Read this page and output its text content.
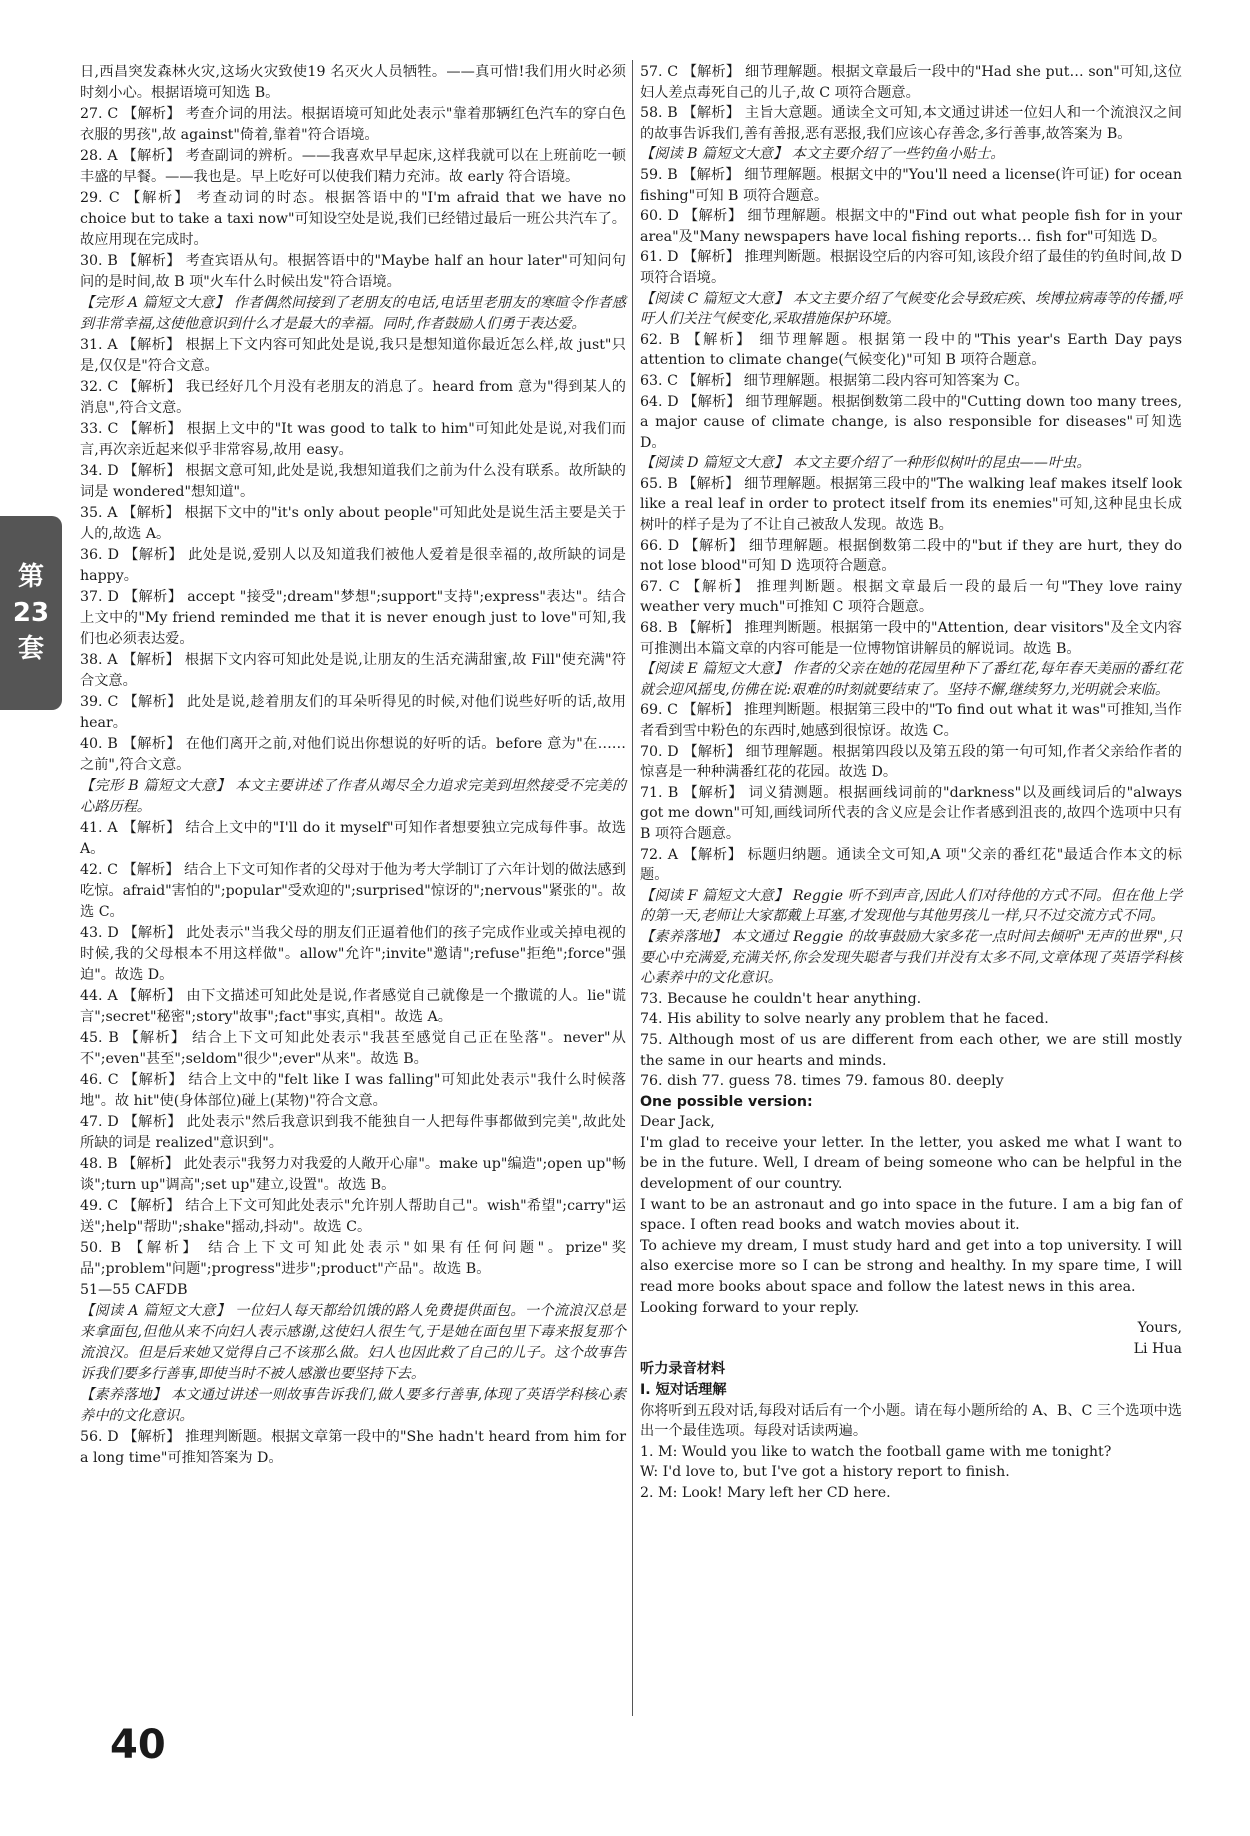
日,西昌突发森林火灾,这场火灾致使19 名灭火人员牺牲。——真可惜!我们用火时必须时刻小心。根据语境可知选 B。

27. C 【解析】 考查介词的用法。根据语境可知此处表示"靠着那辆红色汽车的穿白色衣服的男孩",故 against"倚着,靠着"符合语境。

28. A 【解析】 考查副词的辨析。——我喜欢早早起床,这样我就可以在上班前吃一顿丰盛的早餐。——我也是。早上吃好可以使我们精力充沛。故 early 符合语境。

29. C 【解析】 考查动词的时态。根据答语中的"I'm afraid that we have no choice but to take a taxi now"可知设空处是说,我们已经错过最后一班公共汽车了。故应用现在完成时。

30. B 【解析】 考查宾语从句。根据答语中的"Maybe half an hour later"可知问句问的是时间,故 B 项"火车什么时候出发"符合语境。

【完形 A 篇短文大意】 作者偶然间接到了老朋友的电话,电话里老朋友的寒暄令作者感到非常幸福,这使他意识到什么才是最大的幸福。同时,作者鼓励人们勇于表达爱。

31. A 【解析】 根据上下文内容可知此处是说,我只是想知道你最近怎么样,故 just"只是,仅仅是"符合文意。

32. C 【解析】 我已经好几个月没有老朋友的消息了。heard from 意为"得到某人的消息",符合文意。

33. C 【解析】 根据上文中的"It was good to talk to him"可知此处是说,对我们而言,再次亲近起来似乎非常容易,故用 easy。

34. D 【解析】 根据文意可知,此处是说,我想知道我们之前为什么没有联系。故所缺的词是 wondered"想知道"。

35. A 【解析】 根据下文中的"it's only about people"可知此处是说生活主要是关于人的,故选 A。

36. D 【解析】 此处是说,爱别人以及知道我们被他人爱着是很幸福的,故所缺的词是 happy。

37. D 【解析】 accept "接受";dream"梦想";support"支持";express"表达"。结合上文中的"My friend reminded me that it is never enough just to love"可知,我们也必须表达爱。

38. A 【解析】 根据下文内容可知此处是说,让朋友的生活充满甜蜜,故 Fill"使充满"符合文意。

39. C 【解析】 此处是说,趁着朋友们的耳朵听得见的时候,对他们说些好听的话,故用 hear。

40. B 【解析】 在他们离开之前,对他们说出你想说的好听的话。before 意为"在……之前",符合文意。

【完形 B 篇短文大意】 本文主要讲述了作者从竭尽全力追求完美到坦然接受不完美的心路历程。

41. A 【解析】 结合上文中的"I'll do it myself"可知作者想要独立完成每件事。故选 A。

42. C 【解析】 结合上下文可知作者的父母对于他为考大学制订了六年计划的做法感到吃惊。afraid"害怕的";popular"受欢迎的";surprised"惊讶的";nervous"紧张的"。故选 C。

43. D 【解析】 此处表示"当我父母的朋友们正逼着他们的孩子完成作业或关掉电视的时候,我的父母根本不用这样做"。allow"允许";invite"邀请";refuse"拒绝";force"强迫"。故选 D。

44. A 【解析】 由下文描述可知此处是说,作者感觉自己就像是一个撒谎的人。lie"谎言";secret"秘密";story"故事";fact"事实,真相"。故选 A。

45. B 【解析】 结合上下文可知此处表示"我甚至感觉自己正在坠落"。never"从不";even"甚至";seldom"很少";ever"从来"。故选 B。

46. C 【解析】 结合上文中的"felt like I was falling"可知此处表示"我什么时候落地"。故 hit"使(身体部位)碰上(某物)"符合文意。

47. D 【解析】 此处表示"然后我意识到我不能独自一人把每件事都做到完美",故此处所缺的词是 realized"意识到"。

48. B 【解析】 此处表示"我努力对我爱的人敞开心扉"。make up"编造";open up"畅谈";turn up"调高";set up"建立,设置"。故选 B。

49. C 【解析】 结合上下文可知此处表示"允许别人帮助自己"。wish"希望";carry"运送";help"帮助";shake"摇动,抖动"。故选 C。

50. B 【解析】 结合上下文可知此处表示"如果有任何问题"。prize"奖品";problem"问题";progress"进步";product"产品"。故选 B。

51—55 CAFDB

【阅读 A 篇短文大意】 一位妇人每天都给饥饿的路人免费提供面包。一个流浪汉总是来拿面包,但他从来不向妇人表示感谢,这使妇人很生气,于是她在面包里下毒来报复那个流浪汉。但是后来她又觉得自己不该那么做。妇人也因此救了自己的儿子。这个故事告诉我们要多行善事,即使当时不被人感激也要坚持下去。

【素养落地】 本文通过讲述一则故事告诉我们,做人要多行善事,体现了英语学科核心素养中的文化意识。

56. D 【解析】 推理判断题。根据文章第一段中的"She hadn't heard from him for a long time"可推知答案为 D。

57. C 【解析】 细节理解题。根据文章最后一段中的"Had she put… son"可知,这位妇人差点毒死自己的儿子,故 C 项符合题意。

58. B 【解析】 主旨大意题。通读全文可知,本文通过讲述一位妇人和一个流浪汉之间的故事告诉我们,善有善报,恶有恶报,我们应该心存善念,多行善事,故答案为 B。

【阅读 B 篇短文大意】 本文主要介绍了一些钓鱼小贴士。

59. B 【解析】 细节理解题。根据文中的"You'll need a license(许可证) for ocean fishing"可知 B 项符合题意。

60. D 【解析】 细节理解题。根据文中的"Find out what people fish for in your area"及"Many newspapers have local fishing reports… fish for"可知选 D。

61. D 【解析】 推理判断题。根据设空后的内容可知,该段介绍了最佳的钓鱼时间,故 D 项符合语境。

【阅读 C 篇短文大意】 本文主要介绍了气候变化会导致疟疾、埃博拉病毒等的传播,呼吁人们关注气候变化,采取措施保护环境。

62. B 【解析】 细节理解题。根据第一段中的"This year's Earth Day pays attention to climate change(气候变化)"可知 B 项符合题意。

63. C 【解析】 细节理解题。根据第二段内容可知答案为 C。

64. D 【解析】 细节理解题。根据倒数第二段中的"Cutting down too many trees, a major cause of climate change, is also responsible for diseases"可知选 D。

【阅读 D 篇短文大意】 本文主要介绍了一种形似树叶的昆虫——叶虫。

65. B 【解析】 细节理解题。根据第三段中的"The walking leaf makes itself look like a real leaf in order to protect itself from its enemies"可知,这种昆虫长成树叶的样子是为了不让自己被敌人发现。故选 B。

66. D 【解析】 细节理解题。根据倒数第二段中的"but if they are hurt, they do not lose blood"可知 D 选项符合题意。

67. C 【解析】 推理判断题。根据文章最后一段的最后一句"They love rainy weather very much"可推知 C 项符合题意。

68. B 【解析】 推理判断题。根据第一段中的"Attention, dear visitors"及全文内容可推测出本篇文章的内容可能是一位博物馆讲解员的解说词。故选 B。

【阅读 E 篇短文大意】 作者的父亲在她的花园里种下了番红花,每年春天美丽的番红花就会迎风摇曳,仿佛在说:艰难的时刻就要结束了。坚持不懈,继续努力,光明就会来临。

69. C 【解析】 推理判断题。根据第三段中的"To find out what it was"可推知,当作者看到雪中粉色的东西时,她感到很惊讶。故选 C。

70. D 【解析】 细节理解题。根据第四段以及第五段的第一句可知,作者父亲给作者的惊喜是一种种满番红花的花园。故选 D。

71. B 【解析】 词义猜测题。根据画线词前的"darkness"以及画线词后的"always got me down"可知,画线词所代表的含义应是会让作者感到沮丧的,故四个选项中只有 B 项符合题意。

72. A 【解析】 标题归纳题。通读全文可知,A 项"父亲的番红花"最适合作本文的标题。

【阅读 F 篇短文大意】 Reggie 听不到声音,因此人们对待他的方式不同。但在他上学的第一天,老师让大家都戴上耳塞,才发现他与其他男孩儿一样,只不过交流方式不同。

【素养落地】 本文通过 Reggie 的故事鼓励大家多花一点时间去倾听"无声的世界",只要心中充满爱,充满关怀,你会发现失聪者与我们并没有太多不同,文章体现了英语学科核心素养中的文化意识。

73. Because he couldn't hear anything.

74. His ability to solve nearly any problem that he faced.

75. Although most of us are different from each other, we are still mostly the same in our hearts and minds.

76. dish 77. guess 78. times 79. famous 80. deeply

One possible version:

Dear Jack,

I'm glad to receive your letter. In the letter, you asked me what I want to be in the future. Well, I dream of being someone who can be helpful in the development of our country.

I want to be an astronaut and go into space in the future. I am a big fan of space. I often read books and watch movies about it.

To achieve my dream, I must study hard and get into a top university. I will also exercise more so I can be strong and healthy. In my spare time, I will read more books about space and follow the latest news in this area.

Looking forward to your reply.

Yours,

Li Hua

听力录音材料

Ⅰ. 短对话理解

你将听到五段对话,每段对话后有一个小题。请在每小题所给的 A、B、C 三个选项中选出一个最佳选项。每段对话读两遍。

1. M: Would you like to watch the football game with me tonight?

W: I'd love to, but I've got a history report to finish.

2. M: Look! Mary left her CD here.

第
23
套
40
